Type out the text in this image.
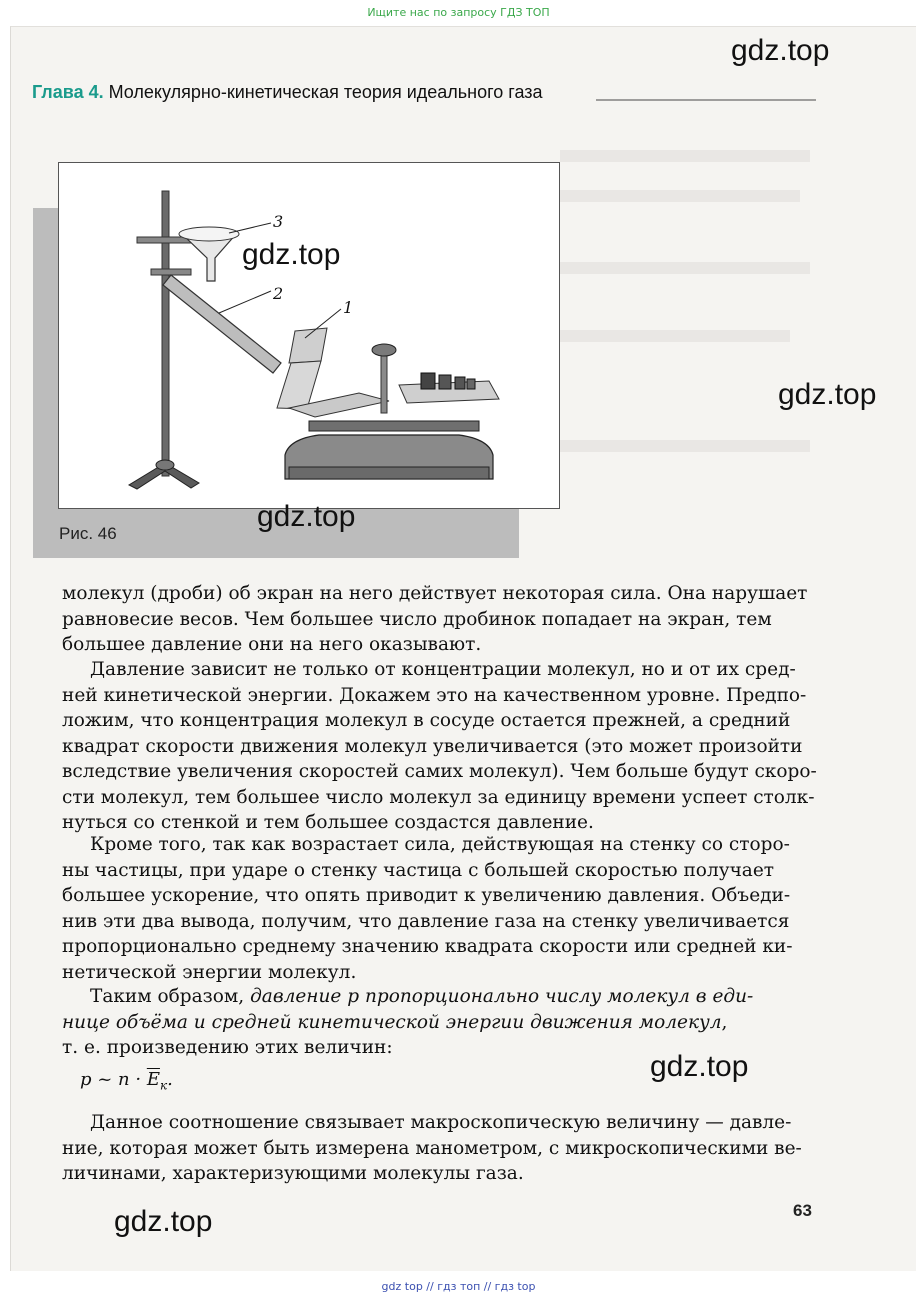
Ищите нас по запросу ГДЗ ТОП
Глава 4. Молекулярно-кинетическая теория идеального газа
gdz.top
1
2
3
gdz.top
gdz.top
gdz.top
Рис. 46
молекул (дроби) об экран на него действует некоторая сила. Она нарушает
равновесие весов. Чем большее число дробинок попадает на экран, тем
большее давление они на него оказывают.
Давление зависит не только от концентрации молекул, но и от их сред-
ней кинетической энергии. Докажем это на качественном уровне. Предпо-
ложим, что концентрация молекул в сосуде остается прежней, а средний
квадрат скорости движения молекул увеличивается (это может произойти
вследствие увеличения скоростей самих молекул). Чем больше будут скоро-
сти молекул, тем большее число молекул за единицу времени успеет столк-
нуться со стенкой и тем большее создастся давление.
Кроме того, так как возрастает сила, действующая на стенку со сторо-
ны частицы, при ударе о стенку частица с большей скоростью получает
большее ускорение, что опять приводит к увеличению давления. Объеди-
нив эти два вывода, получим, что давление газа на стенку увеличивается
пропорционально среднему значению квадрата скорости или средней ки-
нетической энергии молекул.
Таким образом, давление p пропорционально числу молекул в еди-
нице объёма и средней кинетической энергии движения молекул,
т. е. произведению этих величин:
p ~ $n \cdot \overline{E}_к$.	gdz.top
Данное соотношение связывает макроскопическую величину — давле-
ние, которая может быть измерена манометром, с микроскопическими ве-
личинами, характеризующими молекулы газа.
gdz.top	63
gdz top // гдз топ // гдз top
